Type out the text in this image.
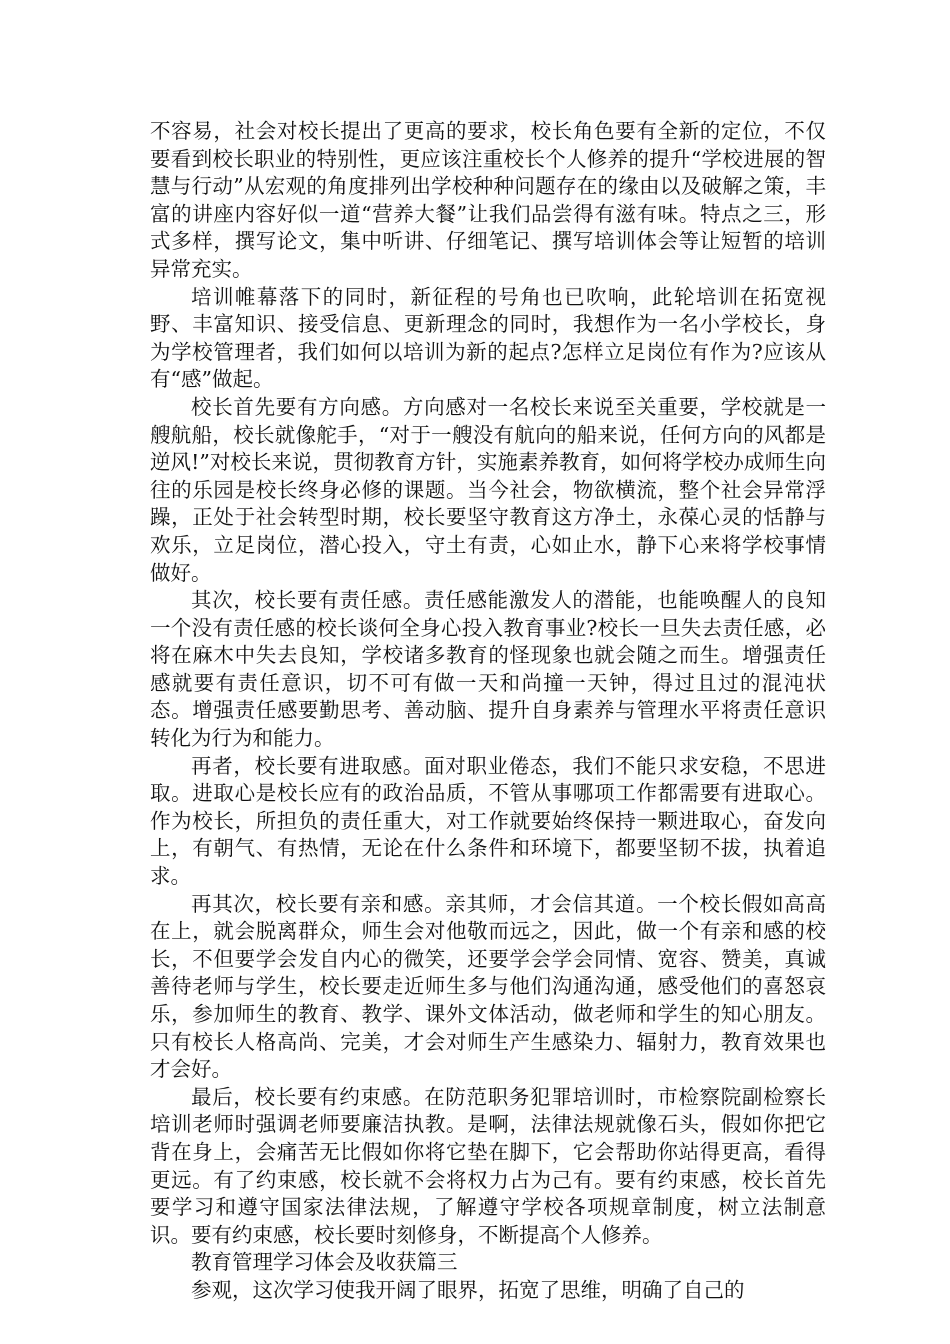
不容易，社会对校长提出了更高的要求，校长角色要有全新的定位，不仅要看到校长职业的特别性，更应该注重校长个人修养的提升“学校进展的智慧与行动”从宏观的角度排列出学校种种问题存在的缘由以及破解之策，丰富的讲座内容好似一道“营养大餐”让我们品尝得有滋有味。特点之三，形式多样，撰写论文，集中听讲、仔细笔记、撰写培训体会等让短暂的培训异常充实。

培训帷幕落下的同时，新征程的号角也已吹响，此轮培训在拓宽视野、丰富知识、接受信息、更新理念的同时，我想作为一名小学校长，身为学校管理者，我们如何以培训为新的起点?怎样立足岗位有作为?应该从有“感”做起。

校长首先要有方向感。方向感对一名校长来说至关重要，学校就是一艘航船，校长就像舵手，“对于一艘没有航向的船来说，任何方向的风都是逆风!”对校长来说，贯彻教育方针，实施素养教育，如何将学校办成师生向往的乐园是校长终身必修的课题。当今社会，物欲横流，整个社会异常浮躁，正处于社会转型时期，校长要坚守教育这方净土，永葆心灵的恬静与欢乐，立足岗位，潜心投入，守土有责，心如止水，静下心来将学校事情做好。

其次，校长要有责任感。责任感能激发人的潜能，也能唤醒人的良知一个没有责任感的校长谈何全身心投入教育事业?校长一旦失去责任感，必将在麻木中失去良知，学校诸多教育的怪现象也就会随之而生。增强责任感就要有责任意识，切不可有做一天和尚撞一天钟，得过且过的混沌状态。增强责任感要勤思考、善动脑、提升自身素养与管理水平将责任意识转化为行为和能力。

再者，校长要有进取感。面对职业倦态，我们不能只求安稳，不思进取。进取心是校长应有的政治品质，不管从事哪项工作都需要有进取心。作为校长，所担负的责任重大，对工作就要始终保持一颗进取心，奋发向上，有朝气、有热情，无论在什么条件和环境下，都要坚韧不拔，执着追求。

再其次，校长要有亲和感。亲其师，才会信其道。一个校长假如高高在上，就会脱离群众，师生会对他敬而远之，因此，做一个有亲和感的校长，不但要学会发自内心的微笑，还要学会学会同情、宽容、赞美，真诚善待老师与学生，校长要走近师生多与他们沟通沟通，感受他们的喜怒哀乐，参加师生的教育、教学、课外文体活动，做老师和学生的知心朋友。只有校长人格高尚、完美，才会对师生产生感染力、辐射力，教育效果也才会好。

最后，校长要有约束感。在防范职务犯罪培训时，市检察院副检察长培训老师时强调老师要廉洁执教。是啊，法律法规就像石头，假如你把它背在身上，会痛苦无比假如你将它垫在脚下，它会帮助你站得更高，看得更远。有了约束感，校长就不会将权力占为己有。要有约束感，校长首先要学习和遵守国家法律法规，了解遵守学校各项规章制度，树立法制意识。要有约束感，校长要时刻修身，不断提高个人修养。

教育管理学习体会及收获篇三

参观，这次学习使我开阔了眼界，拓宽了思维，明确了自己的
